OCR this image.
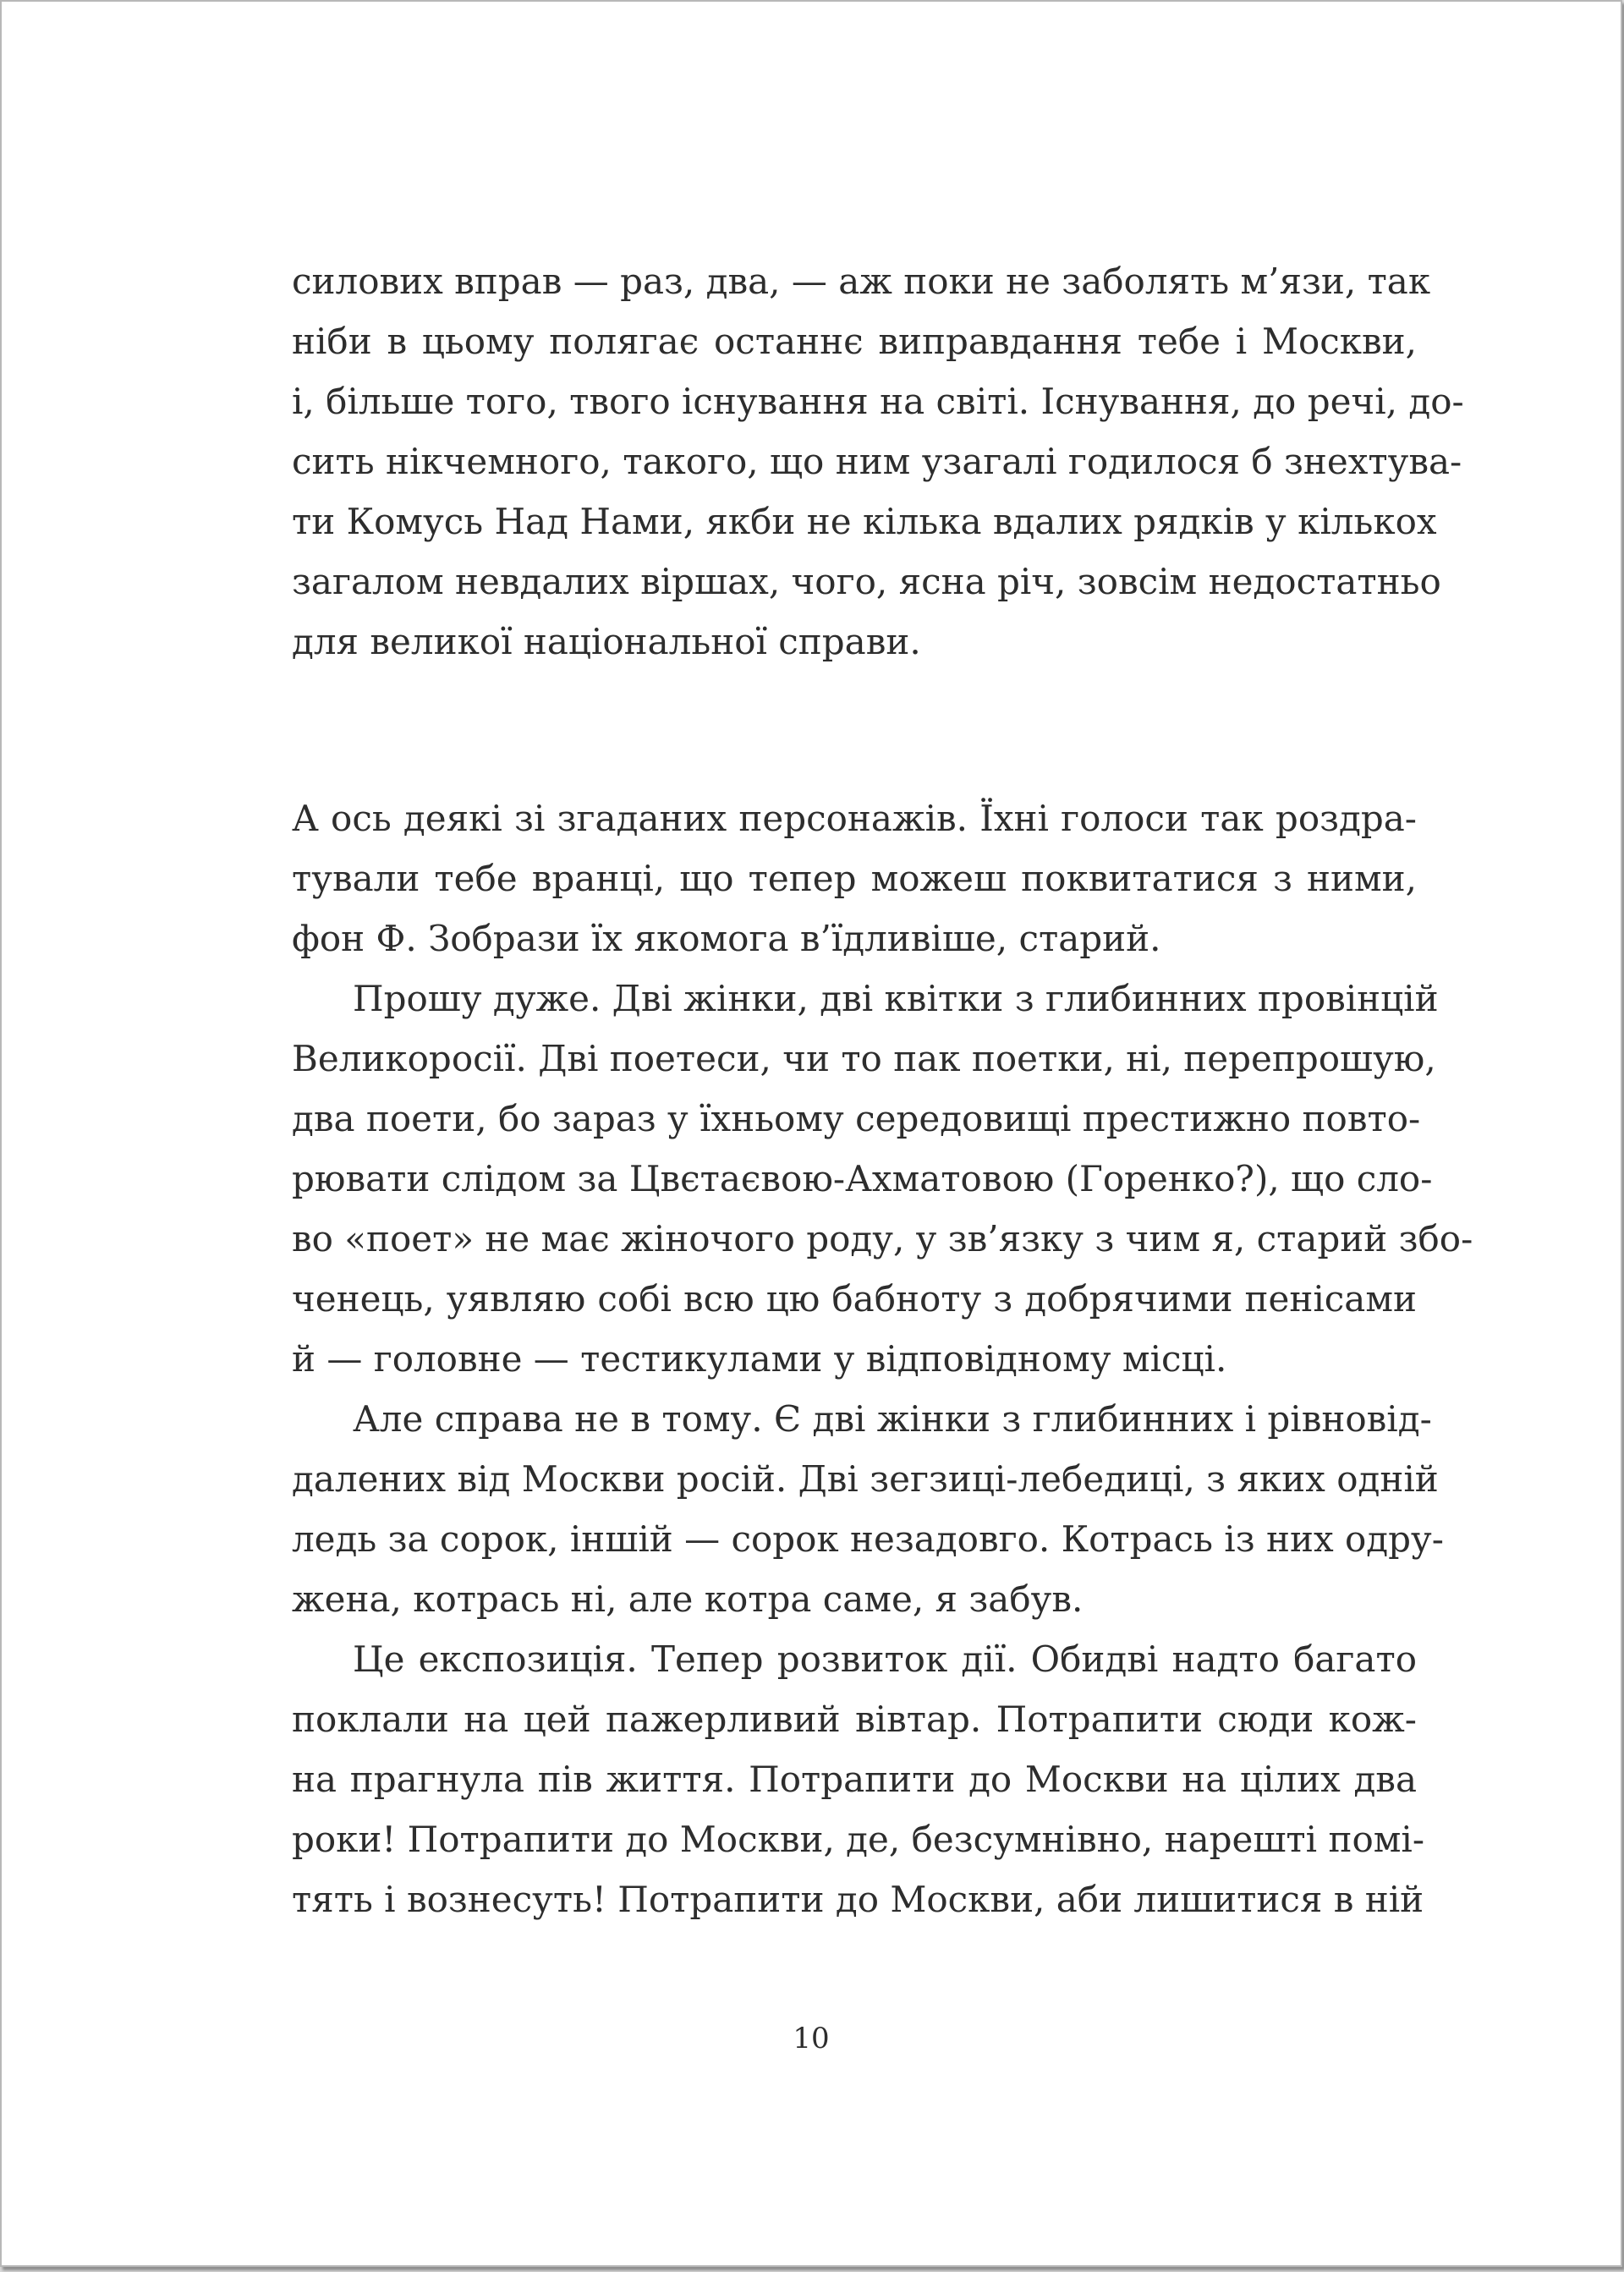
силових вправ — раз, два, — аж поки не заболять м’язи, так
ніби в цьому полягає останнє виправдання тебе і Москви,
і, більше того, твого існування на світі. Існування, до речі, до-
сить нікчемного, такого, що ним узагалі годилося б знехтува-
ти Комусь Над Нами, якби не кілька вдалих рядків у кількох
загалом невдалих віршах, чого, ясна річ, зовсім недостатньо
для великої національної справи.
А ось деякі зі згаданих персонажів. Їхні голоси так роздра-
тували тебе вранці, що тепер можеш поквитатися з ними,
фон Ф. Зобрази їх якомога в’їдливіше, старий.
Прошу дуже. Дві жінки, дві квітки з глибинних провінцій
Великоросії. Дві поетеси, чи то пак поетки, ні, перепрошую,
два поети, бо зараз у їхньому середовищі престижно повто-
рювати слідом за Цвєтаєвою-Ахматовою (Горенко?), що сло-
во «поет» не має жіночого роду, у зв’язку з чим я, старий збо-
ченець, уявляю собі всю цю бабноту з добрячими пенісами
й — головне — тестикулами у відповідному місці.
Але справа не в тому. Є дві жінки з глибинних і рівновід-
далених від Москви росій. Дві зегзиці-лебедиці, з яких одній
ледь за сорок, іншій — сорок незадовго. Котрась із них одру-
жена, котрась ні, але котра саме, я забув.
Це експозиція. Тепер розвиток дії. Обидві надто багато
поклали на цей пажерливий вівтар. Потрапити сюди кож-
на прагнула пів життя. Потрапити до Москви на цілих два
роки! Потрапити до Москви, де, безсумнівно, нарешті помі-
тять і вознесуть! Потрапити до Москви, аби лишитися в ній
10
